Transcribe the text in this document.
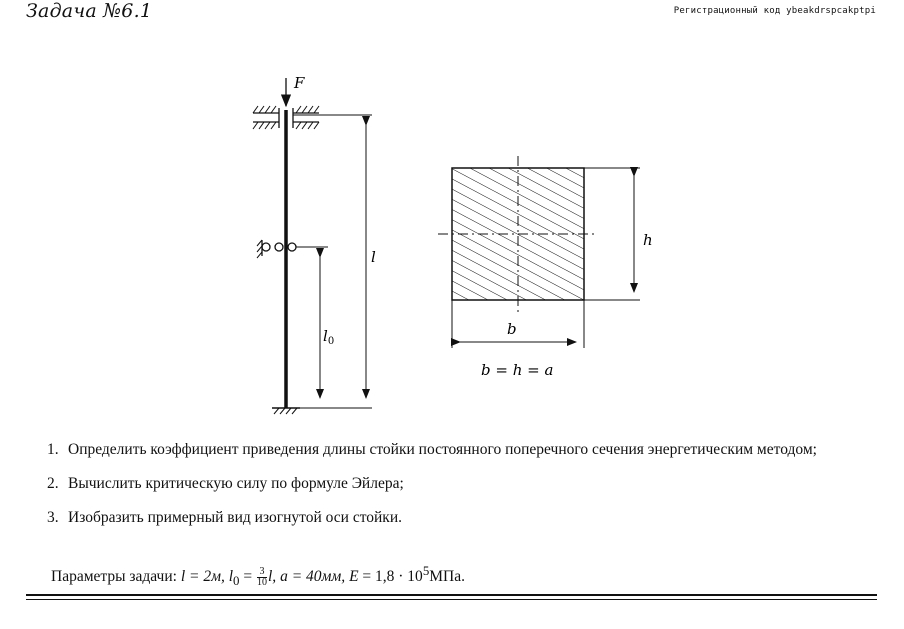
Задача №6.1	Регистрационный код ybeakdrspcakptpi
F
l
$l_0$
h
b
b = h = a
1. Определить коэффициент приведения длины стойки постоянного поперечного сечения энергетическим методом;
2. Вычислить критическую силу по формуле Эйлера;
3. Изобразить примерный вид изогнутой оси стойки.
Параметры задачи: l = 2м, $l_0 = \frac{3}{10} l$, a = 40мм, $E = 1,8 \cdot 10^5МПа$.
